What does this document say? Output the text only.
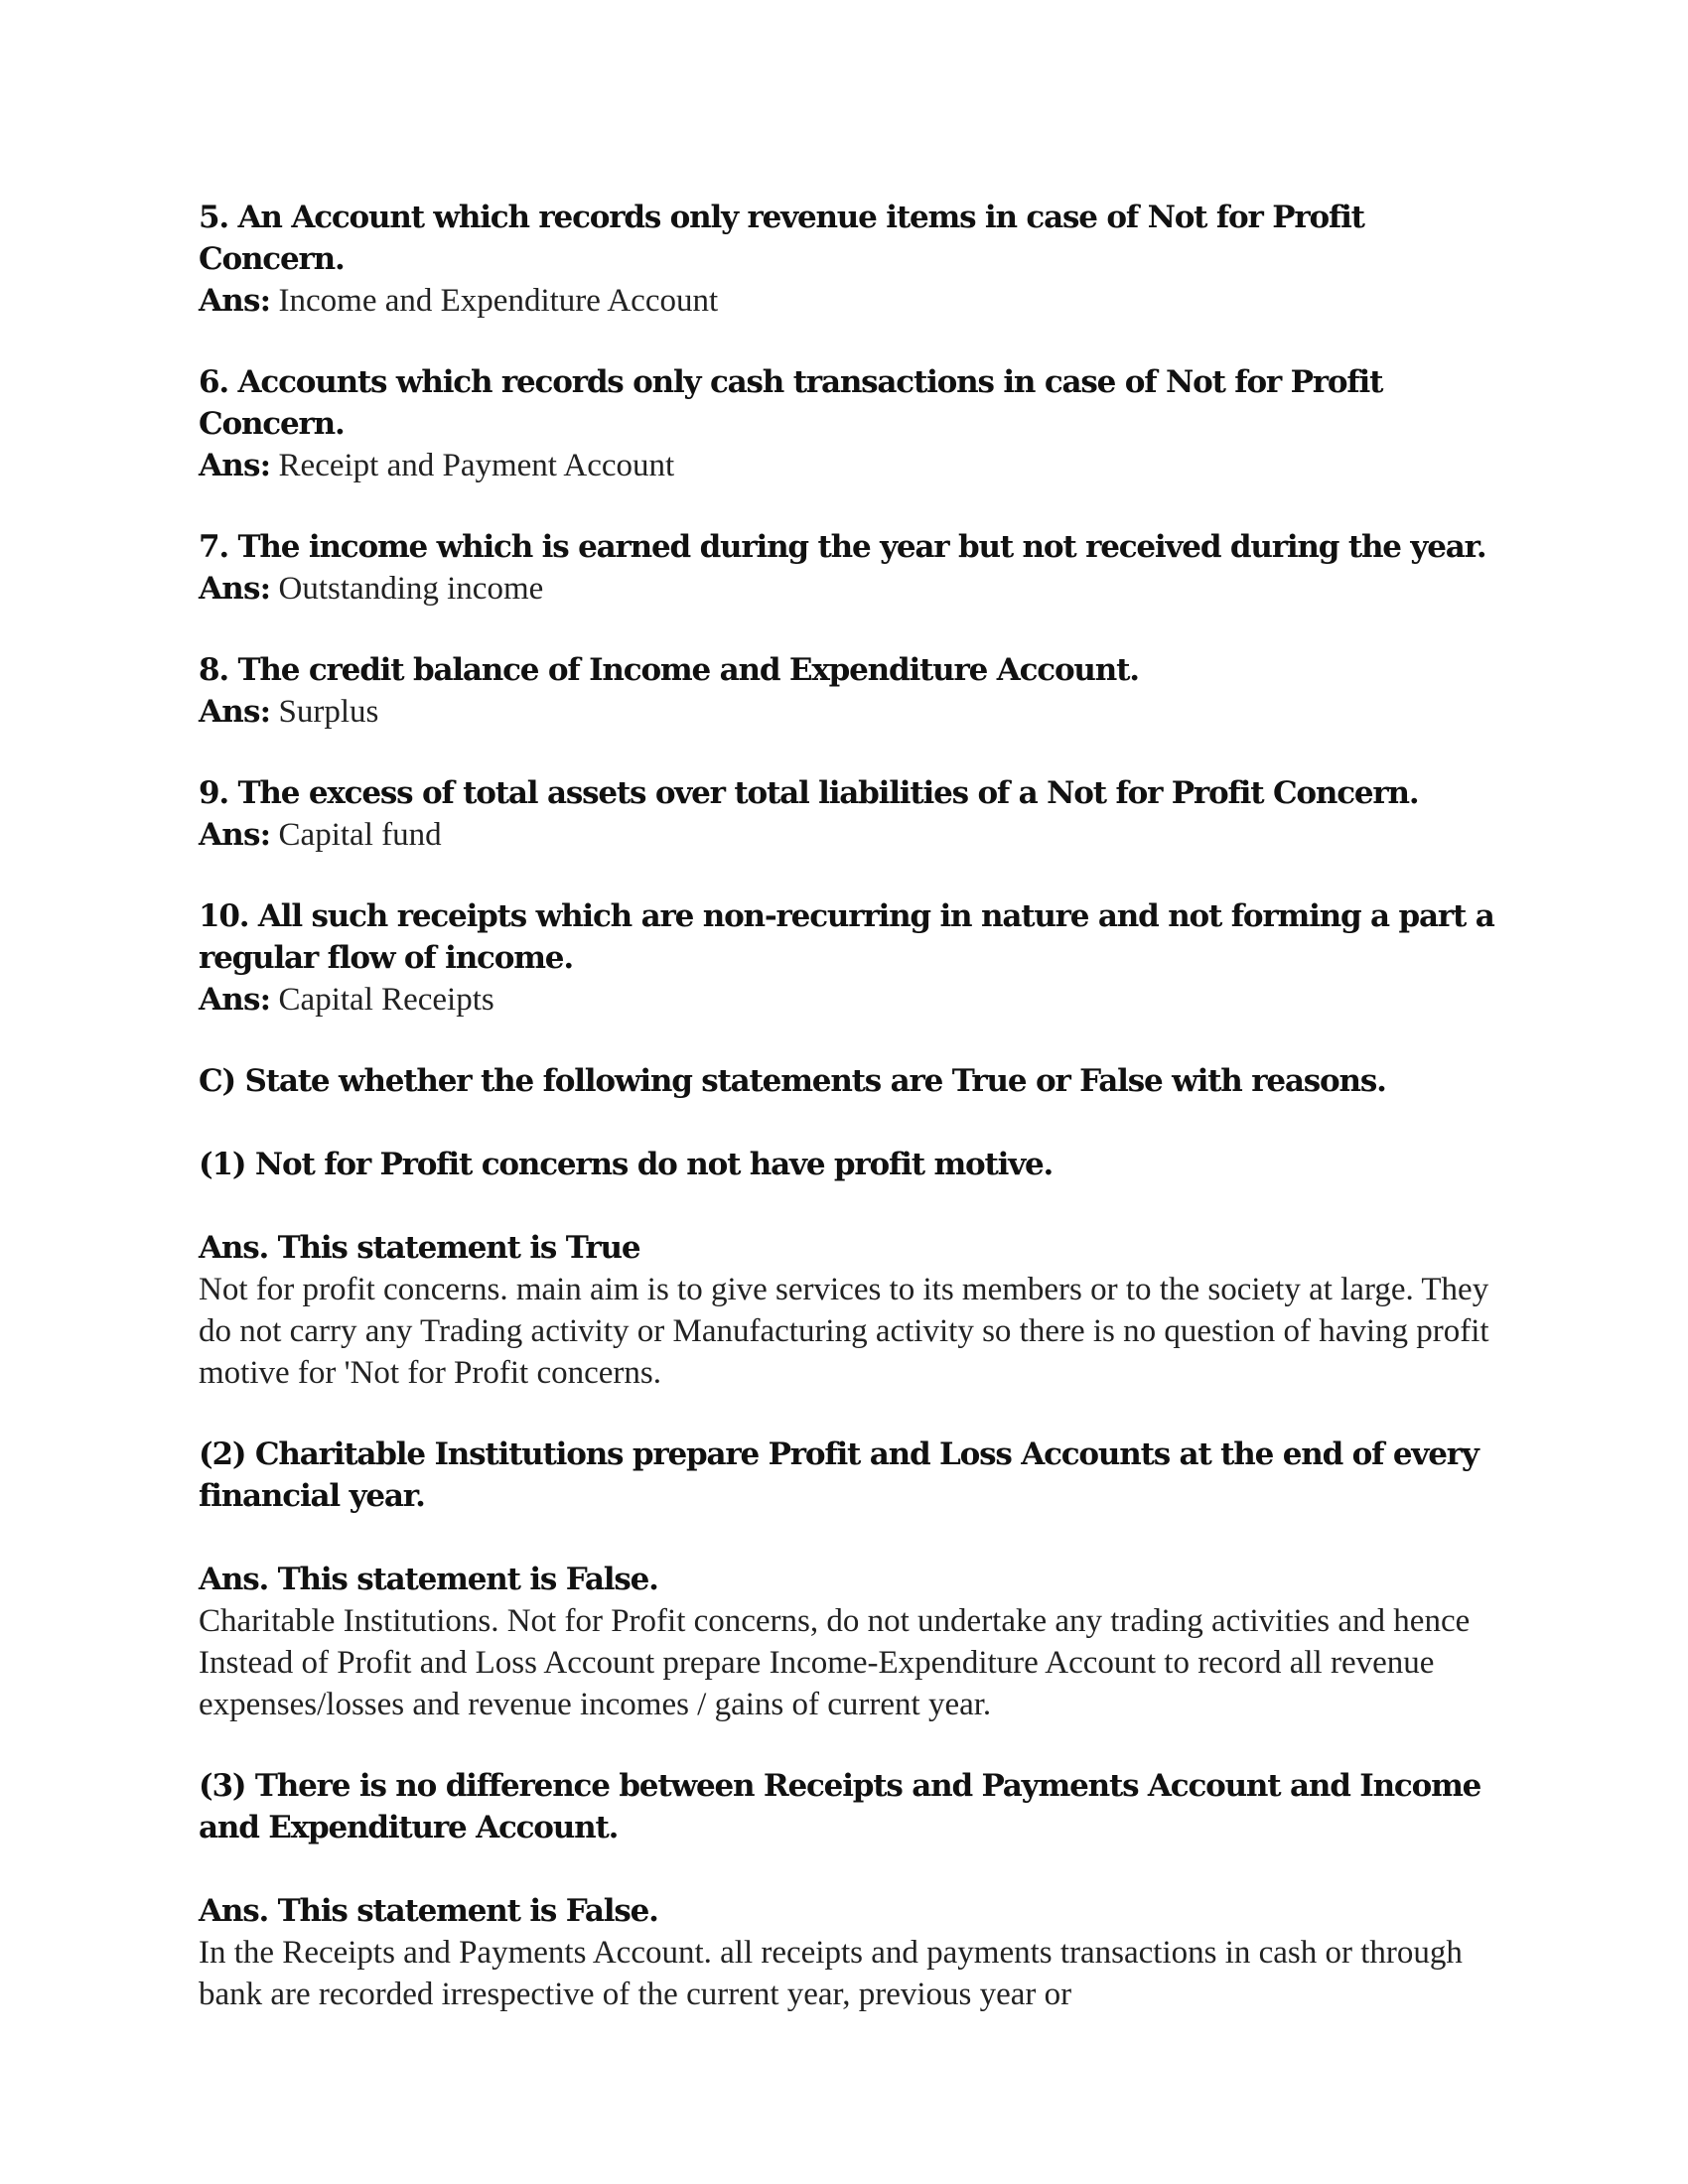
5. An Account which records only revenue items in case of Not for Profit Concern.

Ans: Income and Expenditure Account

6. Accounts which records only cash transactions in case of Not for Profit Concern.

Ans: Receipt and Payment Account

7. The income which is earned during the year but not received during the year.

Ans: Outstanding income

8. The credit balance of Income and Expenditure Account.

Ans: Surplus

9. The excess of total assets over total liabilities of a Not for Profit Concern.

Ans: Capital fund

10. All such receipts which are non-recurring in nature and not forming a part a regular flow of income.

Ans: Capital Receipts

C) State whether the following statements are True or False with reasons.

(1) Not for Profit concerns do not have profit motive.

Ans. This statement is True

Not for profit concerns. main aim is to give services to its members or to the society at large. They do not carry any Trading activity or Manufacturing activity so there is no question of having profit motive for 'Not for Profit concerns.

(2) Charitable Institutions prepare Profit and Loss Accounts at the end of every financial year.

Ans. This statement is False.

Charitable Institutions. Not for Profit concerns, do not undertake any trading activities and hence Instead of Profit and Loss Account prepare Income-Expenditure Account to record all revenue expenses/losses and revenue incomes / gains of current year.

(3) There is no difference between Receipts and Payments Account and Income and Expenditure Account.

Ans. This statement is False.

In the Receipts and Payments Account. all receipts and payments transactions in cash or through bank are recorded irrespective of the current year, previous year or
